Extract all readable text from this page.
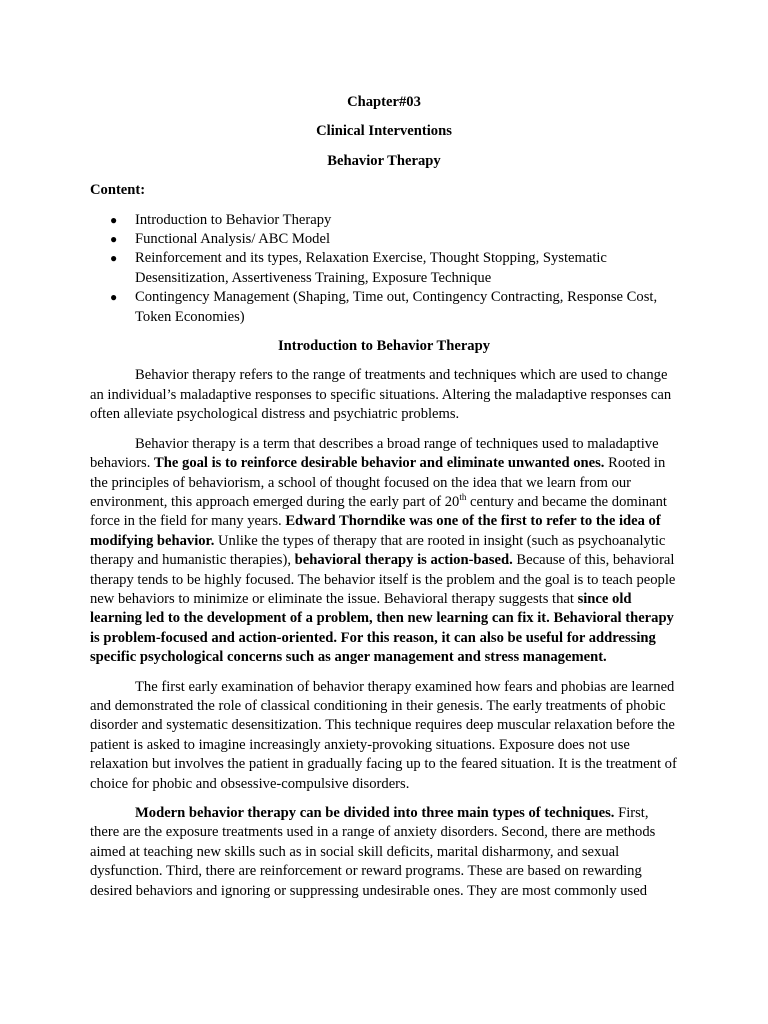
Chapter#03
Clinical Interventions
Behavior Therapy
Content:
● Introduction to Behavior Therapy
● Functional Analysis/ ABC Model
● Reinforcement and its types, Relaxation Exercise, Thought Stopping, Systematic Desensitization, Assertiveness Training, Exposure Technique
● Contingency Management (Shaping, Time out, Contingency Contracting, Response Cost, Token Economies)
Introduction to Behavior Therapy

Behavior therapy refers to the range of treatments and techniques which are used to change an individual’s maladaptive responses to specific situations. Altering the maladaptive responses can often alleviate psychological distress and psychiatric problems.

Behavior therapy is a term that describes a broad range of techniques used to maladaptive behaviors. The goal is to reinforce desirable behavior and eliminate unwanted ones. Rooted in the principles of behaviorism, a school of thought focused on the idea that we learn from our environment, this approach emerged during the early part of 20th century and became the dominant force in the field for many years. Edward Thorndike was one of the first to refer to the idea of modifying behavior. Unlike the types of therapy that are rooted in insight (such as psychoanalytic therapy and humanistic therapies), behavioral therapy is action-based. Because of this, behavioral therapy tends to be highly focused. The behavior itself is the problem and the goal is to teach people new behaviors to minimize or eliminate the issue. Behavioral therapy suggests that since old learning led to the development of a problem, then new learning can fix it. Behavioral therapy is problem-focused and action-oriented. For this reason, it can also be useful for addressing specific psychological concerns such as anger management and stress management.

The first early examination of behavior therapy examined how fears and phobias are learned and demonstrated the role of classical conditioning in their genesis. The early treatments of phobic disorder and systematic desensitization. This technique requires deep muscular relaxation before the patient is asked to imagine increasingly anxiety-provoking situations. Exposure does not use relaxation but involves the patient in gradually facing up to the feared situation. It is the treatment of choice for phobic and obsessive-compulsive disorders.

Modern behavior therapy can be divided into three main types of techniques. First, there are the exposure treatments used in a range of anxiety disorders. Second, there are methods aimed at teaching new skills such as in social skill deficits, marital disharmony, and sexual dysfunction. Third, there are reinforcement or reward programs. These are based on rewarding desired behaviors and ignoring or suppressing undesirable ones. They are most commonly used
